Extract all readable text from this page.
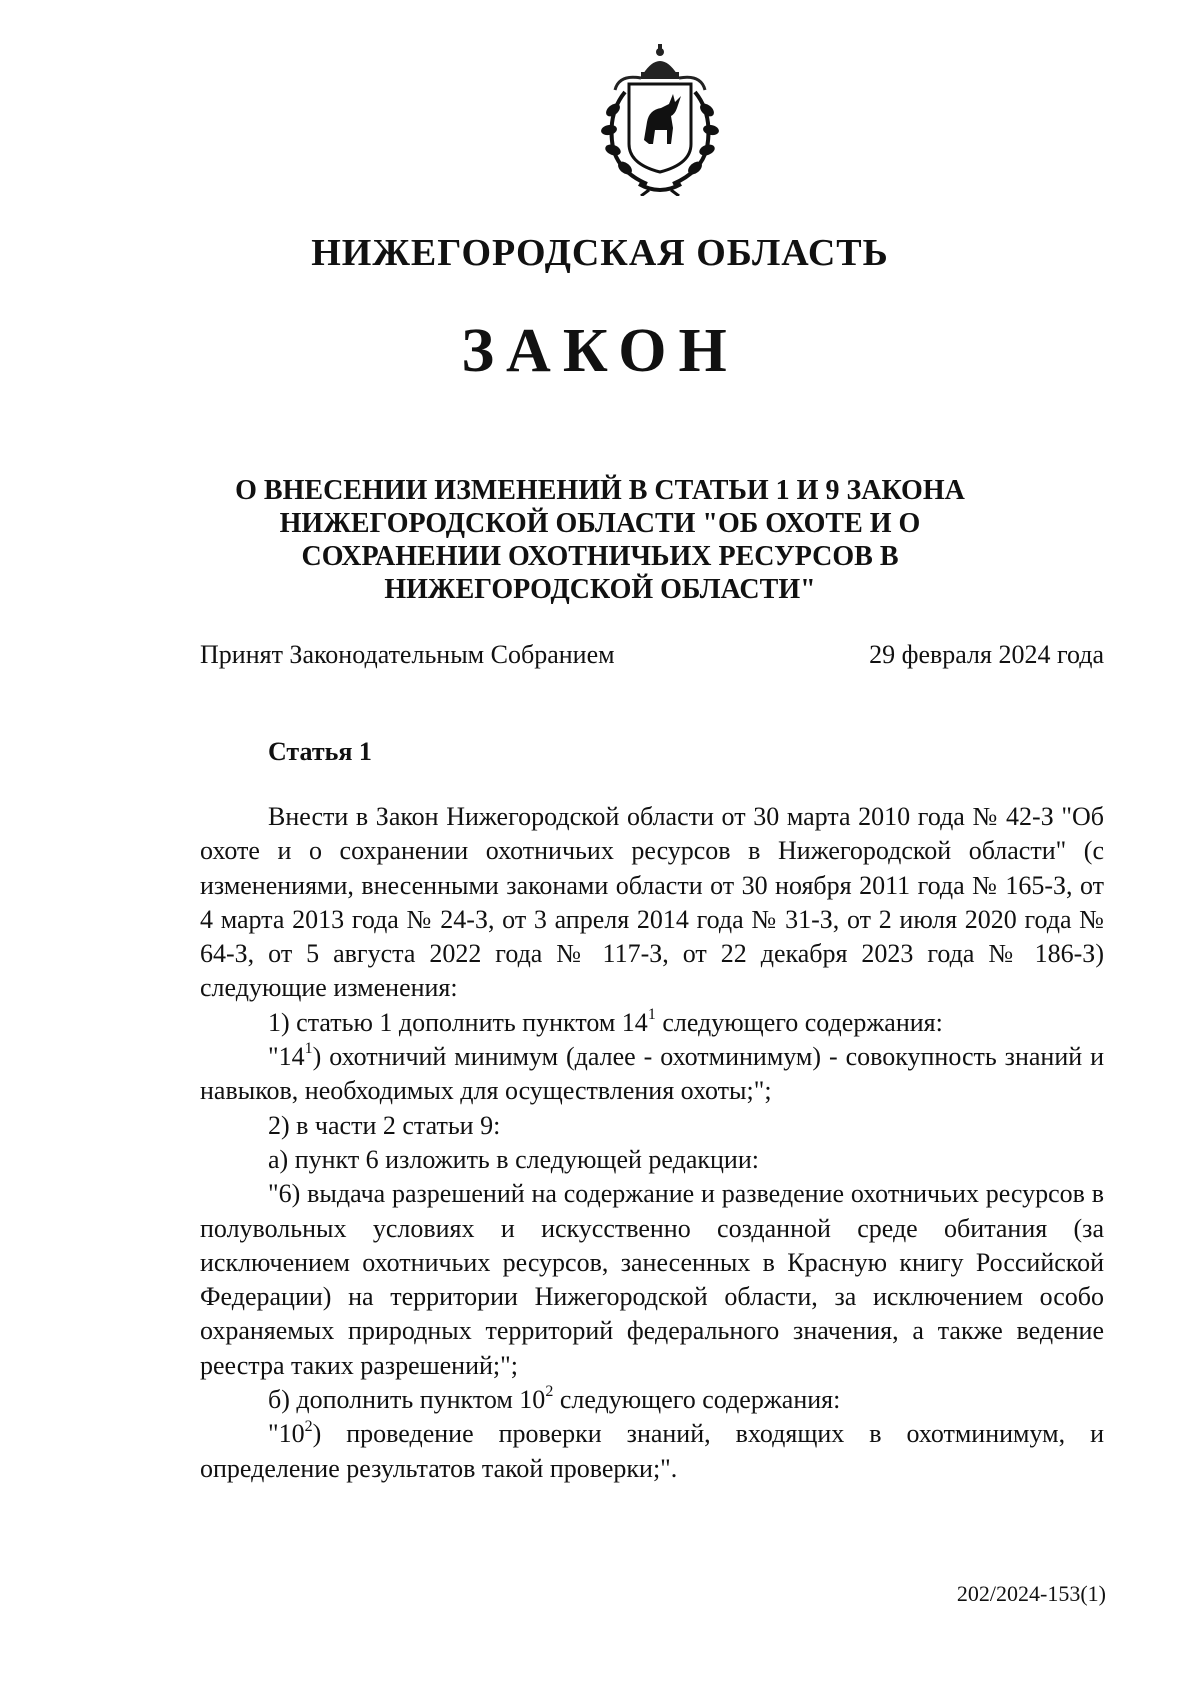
НИЖЕГОРОДСКАЯ ОБЛАСТЬ
ЗАКОН
О ВНЕСЕНИИ ИЗМЕНЕНИЙ В СТАТЬИ 1 И 9 ЗАКОНА НИЖЕГОРОДСКОЙ ОБЛАСТИ "ОБ ОХОТЕ И О СОХРАНЕНИИ ОХОТНИЧЬИХ РЕСУРСОВ В НИЖЕГОРОДСКОЙ ОБЛАСТИ"
Принят Законодательным Собранием	29 февраля 2024 года
Статья 1

Внести в Закон Нижегородской области от 30 марта 2010 года № 42-З "Об охоте и о сохранении охотничьих ресурсов в Нижегородской области" (с изменениями, внесенными законами области от 30 ноября 2011 года № 165-З, от 4 марта 2013 года № 24-З, от 3 апреля 2014 года № 31-З, от 2 июля 2020 года № 64-З, от 5 августа 2022 года № 117-З, от 22 декабря 2023 года № 186-З) следующие изменения:

1) статью 1 дополнить пунктом $14^1$ следующего содержания:

"$14^1$) охотничий минимум (далее - охотминимум) - совокупность знаний и навыков, необходимых для осуществления охоты;";

2) в части 2 статьи 9:

а) пункт 6 изложить в следующей редакции:

"6) выдача разрешений на содержание и разведение охотничьих ресурсов в полувольных условиях и искусственно созданной среде обитания (за исключением охотничьих ресурсов, занесенных в Красную книгу Российской Федерации) на территории Нижегородской области, за исключением особо охраняемых природных территорий федерального значения, а также ведение реестра таких разрешений;";

б) дополнить пунктом $10^2$ следующего содержания:

"$10^2$) проведение проверки знаний, входящих в охотминимум, и определение результатов такой проверки;".

202/2024-153(1)
